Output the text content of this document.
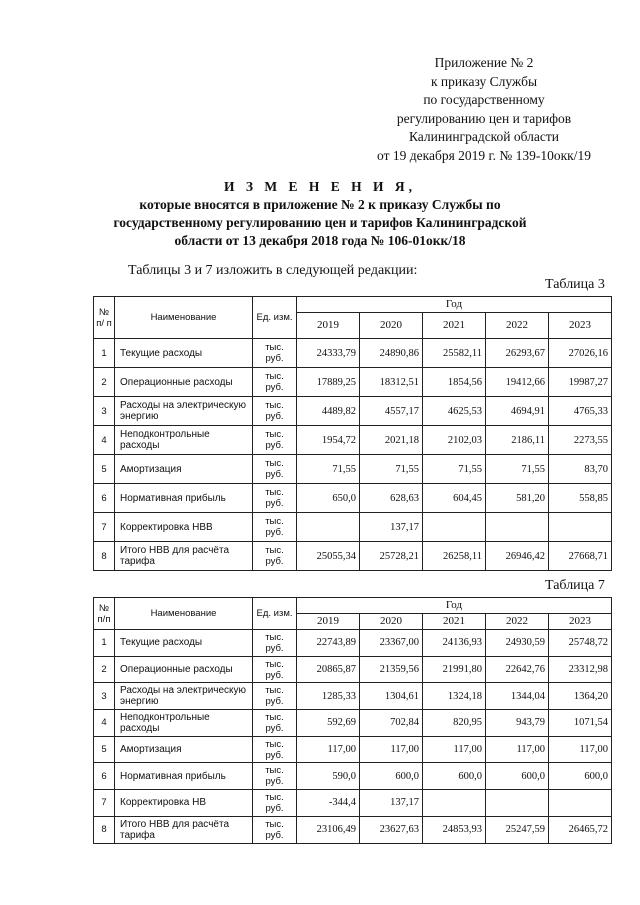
Приложение № 2
к приказу Службы
по государственному
регулированию цен и тарифов
Калининградской области
от 19 декабря 2019 г. № 139-10окк/19
И З М Е Н Е Н И Я,
которые вносятся в приложение № 2 к приказу Службы по
государственному регулированию цен и тарифов Калининградской
области от 13 декабря 2018 года № 106-01окк/18
Таблицы 3 и 7 изложить в следующей редакции:
Таблица 3
№ п/ п	Наименование	Ед. изм.	Год				
			2019	2020	2021	2022	2023
1	Текущие расходы	тыс. руб.	24333,79	24890,86	25582,11	26293,67	27026,16
2	Операционные расходы	тыс. руб.	17889,25	18312,51	1854,56	19412,66	19987,27
3	Расходы на электрическую энергию	тыс. руб.	4489,82	4557,17	4625,53	4694,91	4765,33
4	Неподконтрольные расходы	тыс. руб.	1954,72	2021,18	2102,03	2186,11	2273,55
5	Амортизация	тыс. руб.	71,55	71,55	71,55	71,55	83,70
6	Нормативная прибыль	тыс. руб.	650,0	628,63	604,45	581,20	558,85
7	Корректировка НВВ	тыс. руб.		137,17			
8	Итого НВВ для расчёта тарифа	тыс. руб.	25055,34	25728,21	26258,11	26946,42	27668,71
Таблица 7
№ п/п	Наименование	Ед. изм.	Год				
			2019	2020	2021	2022	2023
1	Текущие расходы	тыс. руб.	22743,89	23367,00	24136,93	24930,59	25748,72
2	Операционные расходы	тыс. руб.	20865,87	21359,56	21991,80	22642,76	23312,98
3	Расходы на электрическую энергию	тыс. руб.	1285,33	1304,61	1324,18	1344,04	1364,20
4	Неподконтрольные расходы	тыс. руб.	592,69	702,84	820,95	943,79	1071,54
5	Амортизация	тыс. руб.	117,00	117,00	117,00	117,00	117,00
6	Нормативная прибыль	тыс. руб.	590,0	600,0	600,0	600,0	600,0
7	Корректировка НВ	тыс. руб.	-344,4	137,17			
8	Итого НВВ для расчёта тарифа	тыс. руб.	23106,49	23627,63	24853,93	25247,59	26465,72
